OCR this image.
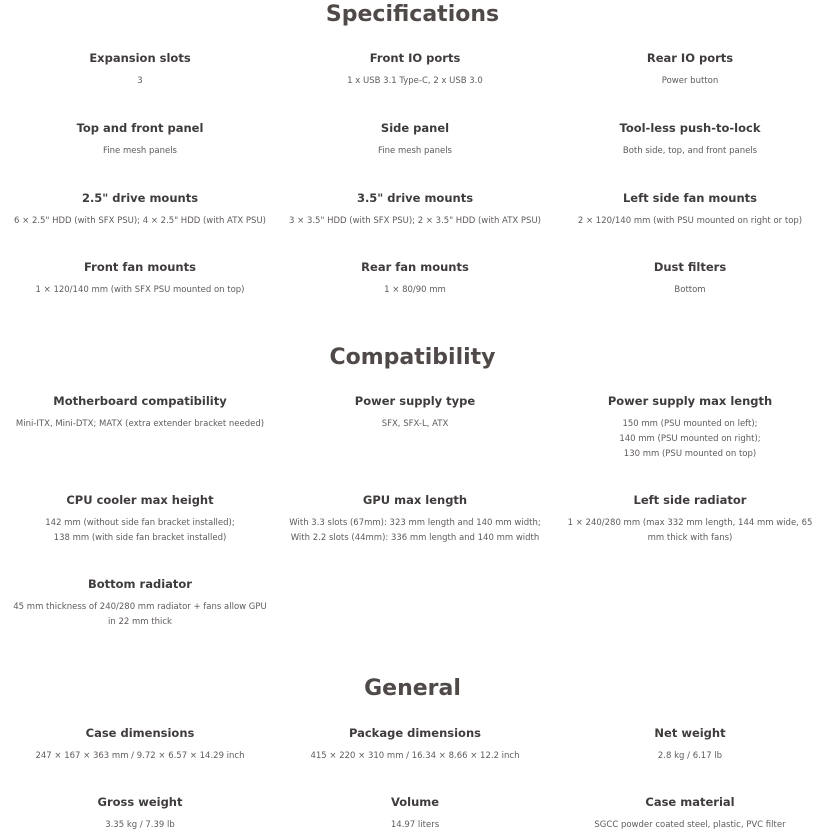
Specifications

Expansion slots

3

Front IO ports

1 x USB 3.1 Type-C, 2 x USB 3.0

Rear IO ports

Power button

Top and front panel

Fine mesh panels

Side panel

Fine mesh panels

Tool-less push-to-lock

Both side, top, and front panels

2.5" drive mounts

6 × 2.5" HDD (with SFX PSU); 4 × 2.5" HDD (with ATX PSU)

3.5" drive mounts

3 × 3.5" HDD (with SFX PSU); 2 × 3.5" HDD (with ATX PSU)

Left side fan mounts

2 × 120/140 mm (with PSU mounted on right or top)

Front fan mounts

1 × 120/140 mm (with SFX PSU mounted on top)

Rear fan mounts

1 × 80/90 mm

Dust filters

Bottom

Compatibility

Motherboard compatibility

Mini-ITX, Mini-DTX; MATX (extra extender bracket needed)

Power supply type

SFX, SFX-L, ATX

Power supply max length

150 mm (PSU mounted on left);
140 mm (PSU mounted on right);
130 mm (PSU mounted on top)

CPU cooler max height

142 mm (without side fan bracket installed);
138 mm (with side fan bracket installed)

GPU max length

With 3.3 slots (67mm): 323 mm length and 140 mm width;
With 2.2 slots (44mm): 336 mm length and 140 mm width

Left side radiator

1 × 240/280 mm (max 332 mm length, 144 mm wide, 65
mm thick with fans)

Bottom radiator

45 mm thickness of 240/280 mm radiator + fans allow GPU
in 22 mm thick

General

Case dimensions

247 × 167 × 363 mm / 9.72 × 6.57 × 14.29 inch

Package dimensions

415 × 220 × 310 mm / 16.34 × 8.66 × 12.2 inch

Net weight

2.8 kg / 6.17 lb

Gross weight

3.35 kg / 7.39 lb

Volume

14.97 liters

Case material

SGCC powder coated steel, plastic, PVC filter
